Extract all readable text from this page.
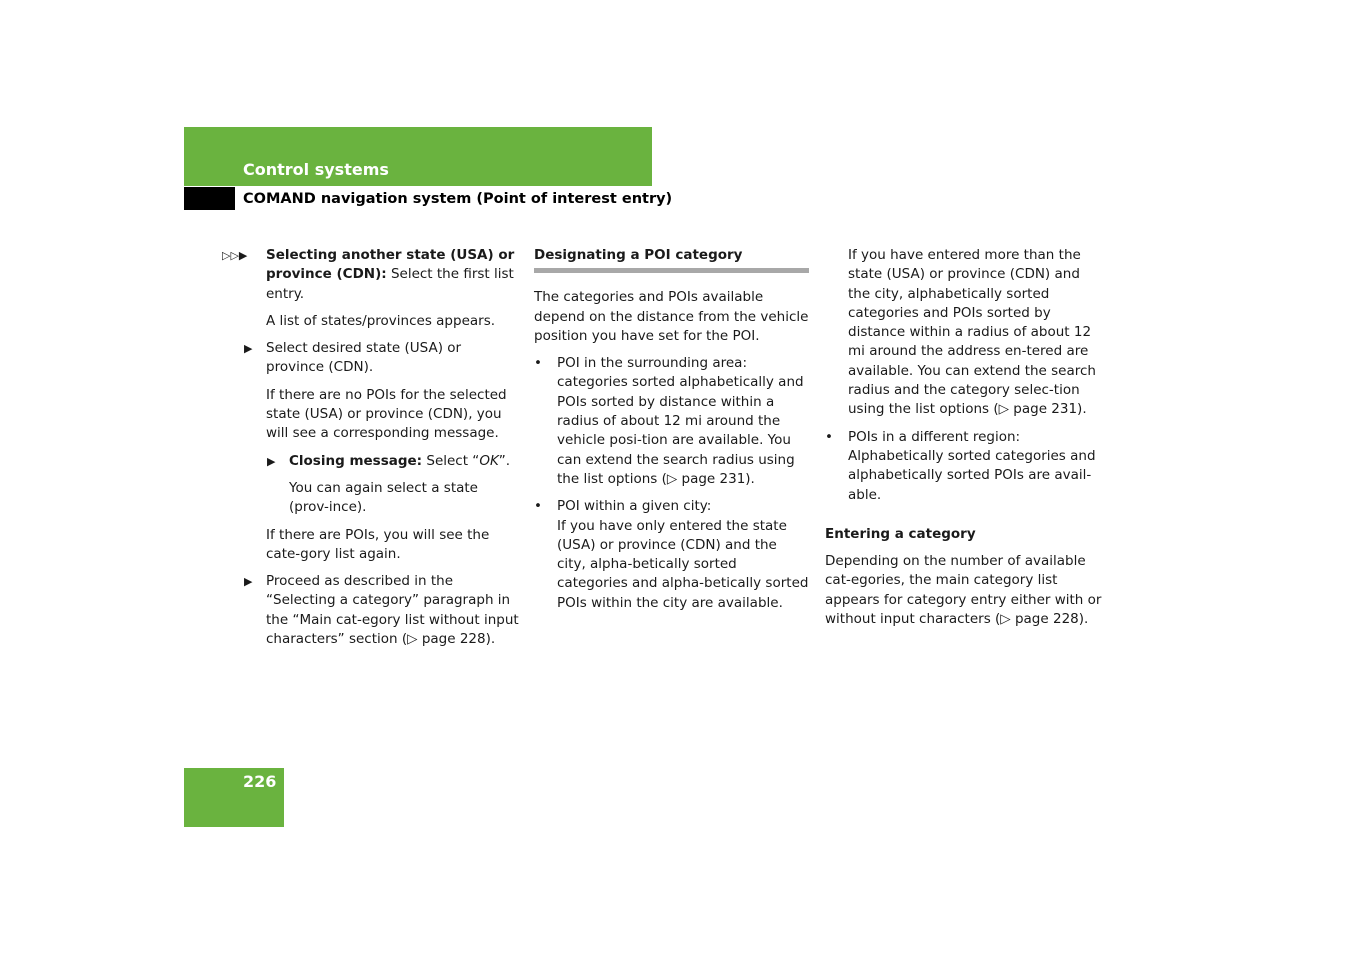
Control systems
COMAND navigation system (Point of interest entry)
▷▷▶ Selecting another state (USA) or province (CDN): Select the first list entry.

A list of states/provinces appears.

▶ Select desired state (USA) or province (CDN).

If there are no POIs for the selected state (USA) or province (CDN), you will see a corresponding message.

▶ Closing message: Select “OK”.

You can again select a state (prov-ince).

If there are POIs, you will see the cate-gory list again.

▶ Proceed as described in the “Selecting a category” paragraph in the “Main cat-egory list without input characters” section (▷ page 228).
Designating a POI category

The categories and POIs available depend on the distance from the vehicle position you have set for the POI.

• POI in the surrounding area: categories sorted alphabetically and POIs sorted by distance within a radius of about 12 mi around the vehicle posi-tion are available. You can extend the search radius using the list options (▷ page 231).
• POI within a given city:
If you have only entered the state (USA) or province (CDN) and the city, alpha-betically sorted categories and alpha-betically sorted POIs within the city are available.

If you have entered more than the state (USA) or province (CDN) and the city, alphabetically sorted categories and POIs sorted by distance within a radius of about 12 mi around the address en-tered are available. You can extend the search radius and the category selec-tion using the list options (▷ page 231).

• POIs in a different region: Alphabetically sorted categories and alphabetically sorted POIs are avail-able.
Entering a category

Depending on the number of available cat-egories, the main category list appears for category entry either with or without input characters (▷ page 228).

226
